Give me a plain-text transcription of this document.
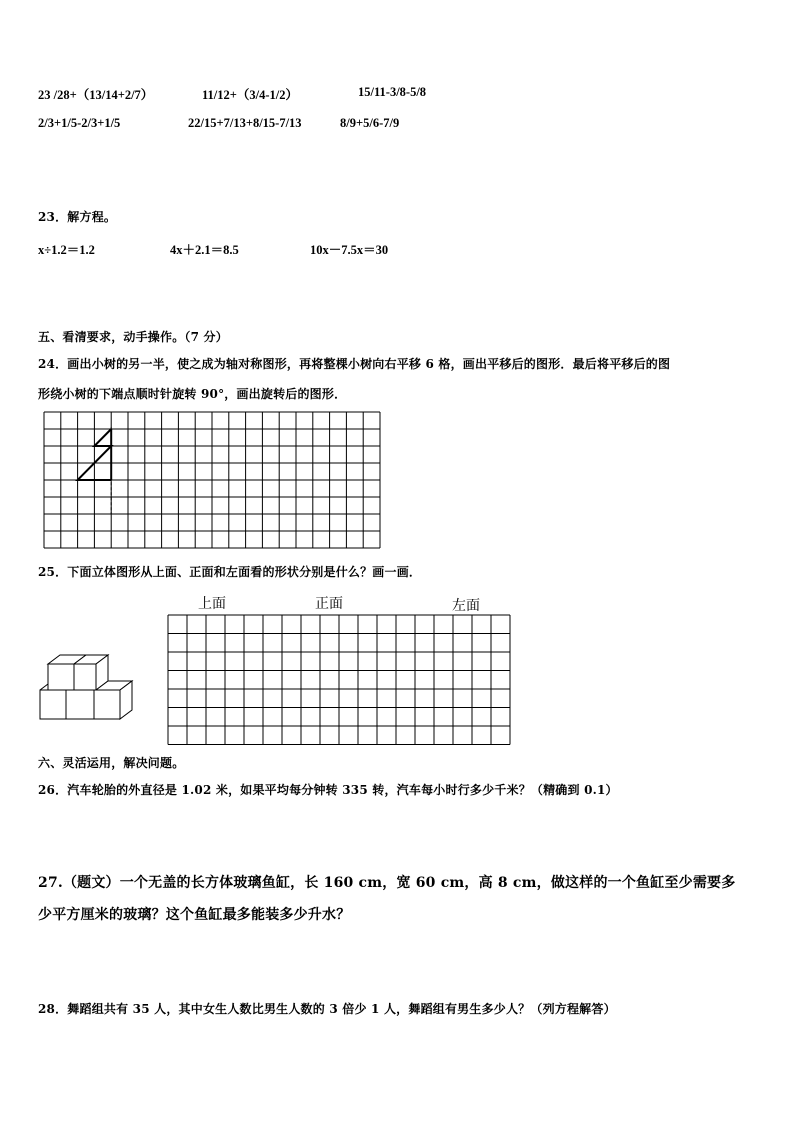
23 /28+（13/14+2/7）	11/12+（3/4-1/2）	15/11-3/8-5/8
2/3+1/5-2/3+1/5	22/15+7/13+8/15-7/13	8/9+5/6-7/9
23．解方程。
x÷1.2＝1.2	4x＋2.1＝8.5	10x－7.5x＝30
五、看清要求，动手操作。（7 分）
24．画出小树的另一半，使之成为轴对称图形，再将整棵小树向右平移 6 格，画出平移后的图形．最后将平移后的图
形绕小树的下端点顺时针旋转 90°，画出旋转后的图形．
25．下面立体图形从上面、正面和左面看的形状分别是什么？画一画．
上面	正面	左面
六、灵活运用，解决问题。
26．汽车轮胎的外直径是 1.02 米，如果平均每分钟转 335 转，汽车每小时行多少千米？（精确到 0.1）
27.（题文）一个无盖的长方体玻璃鱼缸，长 160 cm，宽 60 cm，高 8 cm，做这样的一个鱼缸至少需要多
少平方厘米的玻璃？这个鱼缸最多能装多少升水？
28．舞蹈组共有 35 人，其中女生人数比男生人数的 3 倍少 1 人，舞蹈组有男生多少人？（列方程解答）
